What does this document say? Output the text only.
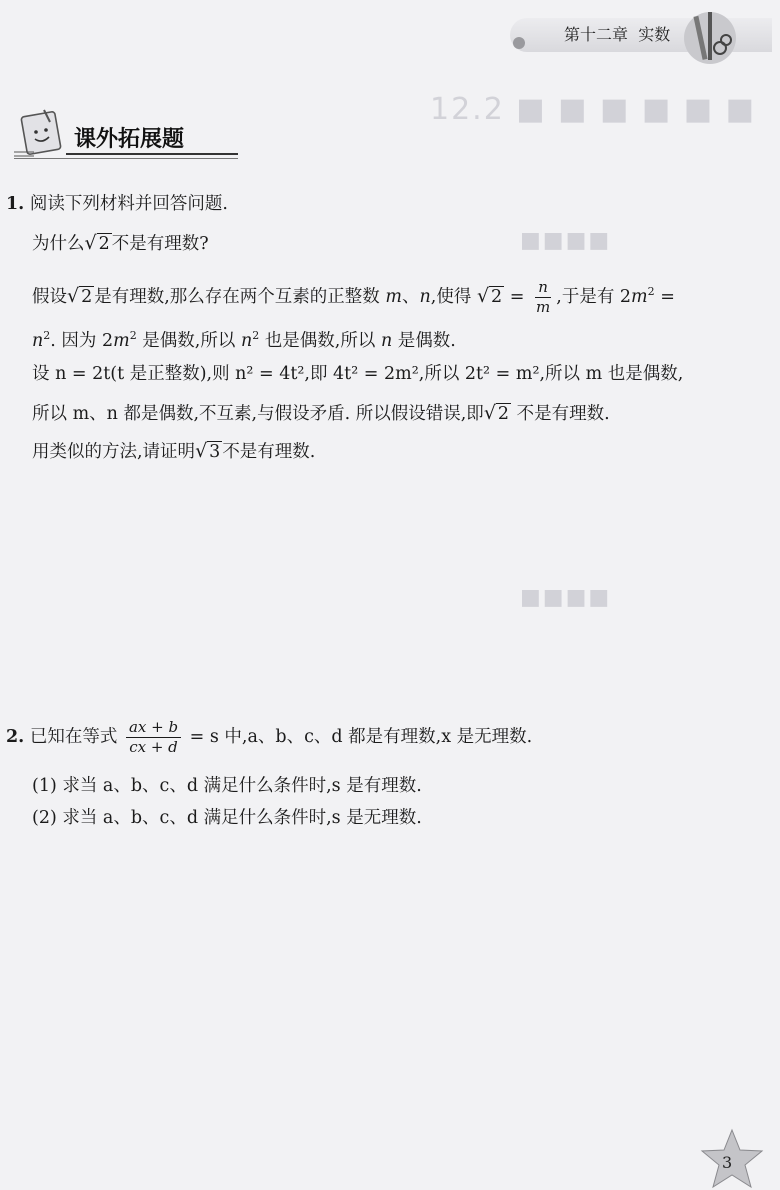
12.2 ■ ■ ■ ■ ■ ■
■■■■
■■■■
第十二章 实数
课外拓展题
1. 阅读下列材料并回答问题.
为什么√ 2 不是有理数?
假设√ 2 是有理数,那么存在两个互素的正整数 m、n,使得 √ $2 = \frac{n}{m}$ ,于是有 $2m^2$ =
$n^2$. 因为 $2m^2$ 是偶数,所以 $n^2$ 也是偶数,所以 n 是偶数.
设 n = 2t(t 是正整数),则 n² = 4t²,即 4t² = 2m²,所以 2t² = m²,所以 m 也是偶数,
所以 m、n 都是偶数,不互素,与假设矛盾. 所以假设错误,即√ 2 不是有理数.
用类似的方法,请证明√ 3 不是有理数.
2. 已知在等式 $\frac{ax + b}{cx + d} = s$ 中,a、b、c、d 都是有理数,x 是无理数.
(1) 求当 a、b、c、d 满足什么条件时,s 是有理数.
(2) 求当 a、b、c、d 满足什么条件时,s 是无理数.
3
